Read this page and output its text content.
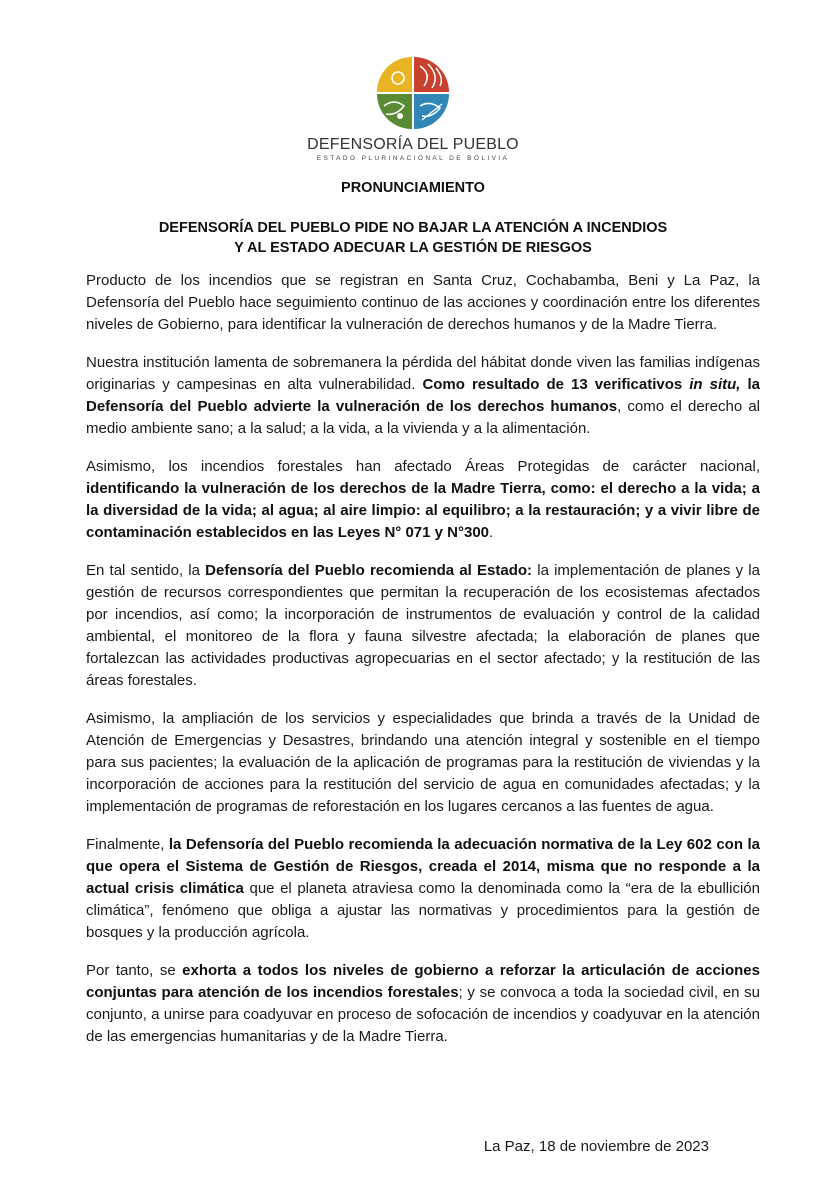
DEFENSORÍA DEL PUEBLO
ESTADO PLURINACIONAL DE BOLIVIA
PRONUNCIAMIENTO
DEFENSORÍA DEL PUEBLO PIDE NO BAJAR LA ATENCIÓN A INCENDIOS
Y AL ESTADO ADECUAR LA GESTIÓN DE RIESGOS

Producto de los incendios que se registran en Santa Cruz, Cochabamba, Beni y La Paz, la Defensoría del Pueblo hace seguimiento continuo de las acciones y coordinación entre los diferentes niveles de Gobierno, para identificar la vulneración de derechos humanos y de la Madre Tierra.

Nuestra institución lamenta de sobremanera la pérdida del hábitat donde viven las familias indígenas originarias y campesinas en alta vulnerabilidad. Como resultado de 13 verificativos in situ, la Defensoría del Pueblo advierte la vulneración de los derechos humanos, como el derecho al medio ambiente sano; a la salud; a la vida, a la vivienda y a la alimentación.

Asimismo, los incendios forestales han afectado Áreas Protegidas de carácter nacional, identificando la vulneración de los derechos de la Madre Tierra, como: el derecho a la vida; a la diversidad de la vida; al agua; al aire limpio: al equilibro; a la restauración; y a vivir libre de contaminación establecidos en las Leyes N° 071 y N°300.

En tal sentido, la Defensoría del Pueblo recomienda al Estado: la implementación de planes y la gestión de recursos correspondientes que permitan la recuperación de los ecosistemas afectados por incendios, así como; la incorporación de instrumentos de evaluación y control de la calidad ambiental, el monitoreo de la flora y fauna silvestre afectada; la elaboración de planes que fortalezcan las actividades productivas agropecuarias en el sector afectado; y la restitución de las áreas forestales.

Asimismo, la ampliación de los servicios y especialidades que brinda a través de la Unidad de Atención de Emergencias y Desastres, brindando una atención integral y sostenible en el tiempo para sus pacientes; la evaluación de la aplicación de programas para la restitución de viviendas y la incorporación de acciones para la restitución del servicio de agua en comunidades afectadas; y la implementación de programas de reforestación en los lugares cercanos a las fuentes de agua.

Finalmente, la Defensoría del Pueblo recomienda la adecuación normativa de la Ley 602 con la que opera el Sistema de Gestión de Riesgos, creada el 2014, misma que no responde a la actual crisis climática que el planeta atraviesa como la denominada como la “era de la ebullición climática”, fenómeno que obliga a ajustar las normativas y procedimientos para la gestión de bosques y la producción agrícola.

Por tanto, se exhorta a todos los niveles de gobierno a reforzar la articulación de acciones conjuntas para atención de los incendios forestales; y se convoca a toda la sociedad civil, en su conjunto, a unirse para coadyuvar en proceso de sofocación de incendios y coadyuvar en la atención de las emergencias humanitarias y de la Madre Tierra.

La Paz, 18 de noviembre de 2023
